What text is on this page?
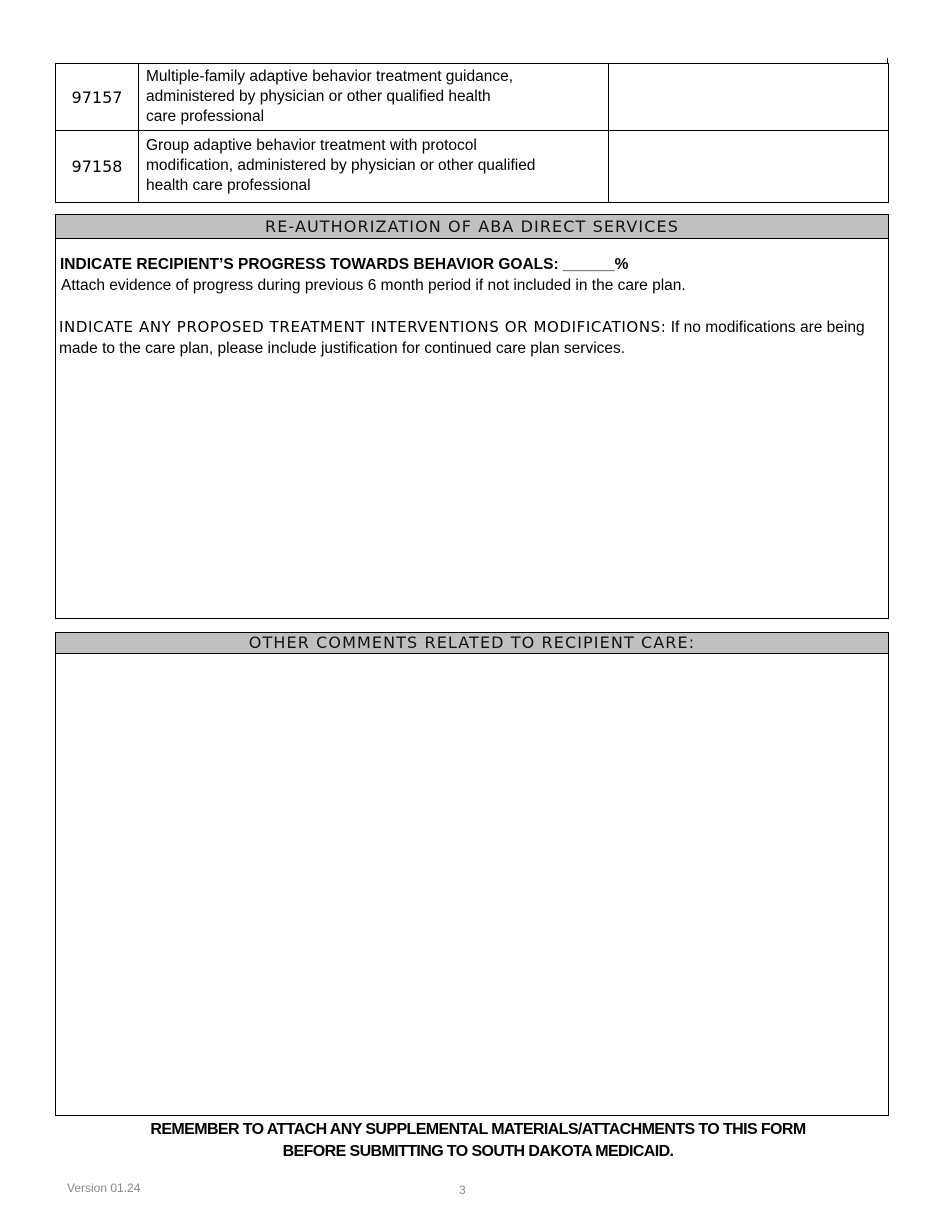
97157	Multiple-family adaptive behavior treatment guidance,
administered by physician or other qualified health
care professional	

97158	Group adaptive behavior treatment with protocol
modification, administered by physician or other qualified
health care professional	

RE-AUTHORIZATION OF ABA DIRECT SERVICES
INDICATE RECIPIENT’S PROGRESS TOWARDS BEHAVIOR GOALS: ______%
Attach evidence of progress during previous 6 month period if not included in the care plan.
INDICATE ANY PROPOSED TREATMENT INTERVENTIONS OR MODIFICATIONS: If no modifications are being made to the care plan, please include justification for continued care plan services.
OTHER COMMENTS RELATED TO RECIPIENT CARE:
REMEMBER TO ATTACH ANY SUPPLEMENTAL MATERIALS/ATTACHMENTS TO THIS FORM
BEFORE SUBMITTING TO SOUTH DAKOTA MEDICAID.
Version 01.24	3
